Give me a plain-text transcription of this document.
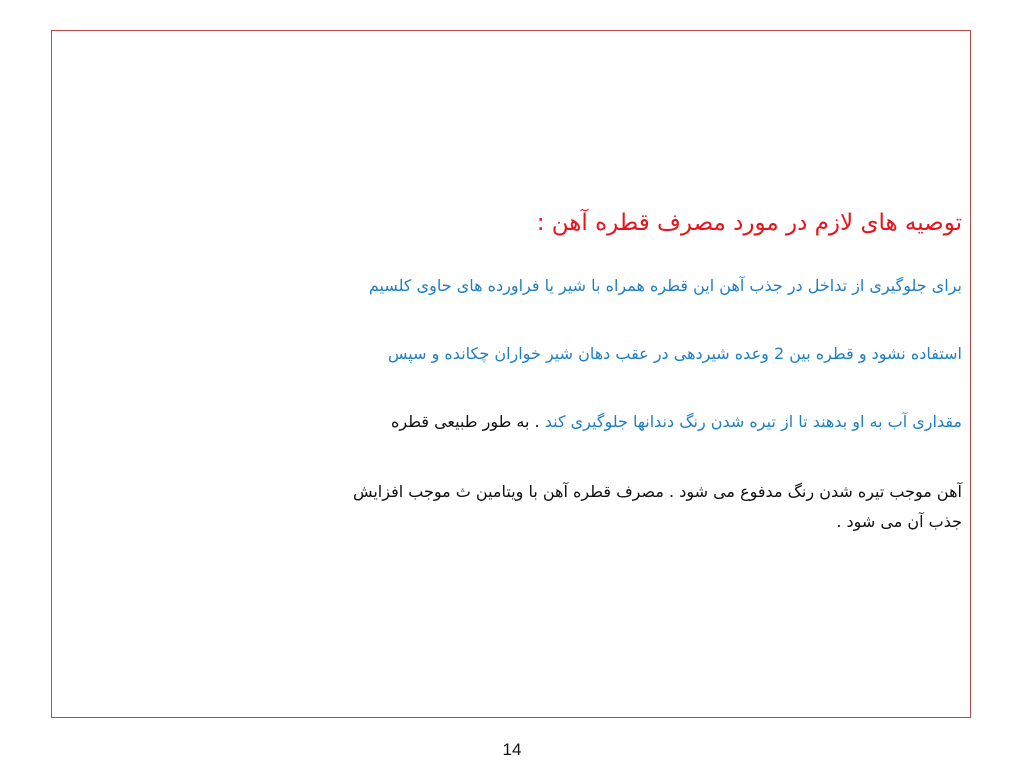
توصیه های لازم در مورد مصرف قطره آهن :
برای جلوگیری از تداخل در جذب آهن این قطره همراه با شیر یا فراورده های حاوی کلسیم
استفاده نشود و قطره بین 2 وعده شیردهی در عقب دهان شیر خواران چکانده و سپس
مقداری آب به او بدهند تا از تیره شدن رنگ دندانها جلوگیری کند . به طور طبیعی قطره
آهن موجب تیره شدن رنگ مدفوع می شود . مصرف قطره آهن با ویتامین ث موجب افزایش
جذب آن می شود .
14
